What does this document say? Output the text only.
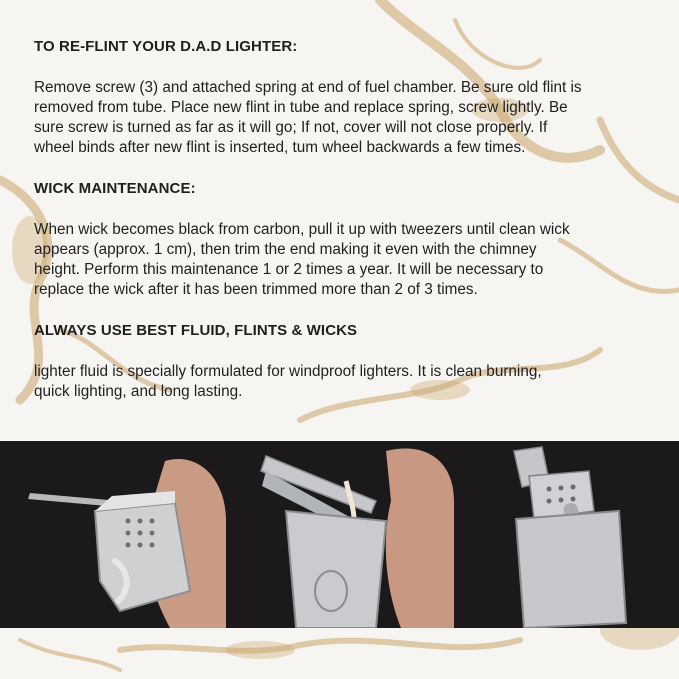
TO RE-FLINT YOUR D.A.D LIGHTER:
Remove screw (3) and attached spring at end of fuel chamber. Be sure old flint is
removed from tube. Place new flint in tube and replace spring, screw lightly. Be
sure screw is turned as far as it will go; If not, cover will not close properly. If
wheel binds after new flint is inserted, tum wheel backwards a few times.
WICK MAINTENANCE:
When wick becomes black from carbon, pull it up with tweezers until clean wick
appears (approx. 1 cm), then trim the end making it even with the chimney
height. Perform this maintenance 1 or 2 times a year. It will be necessary to
replace the wick after it has been trimmed more than 2 of 3 times.
ALWAYS USE BEST FLUID, FLINTS & WICKS
lighter fluid is specially formulated for windproof lighters. It is clean burning,
quick lighting, and long lasting.
